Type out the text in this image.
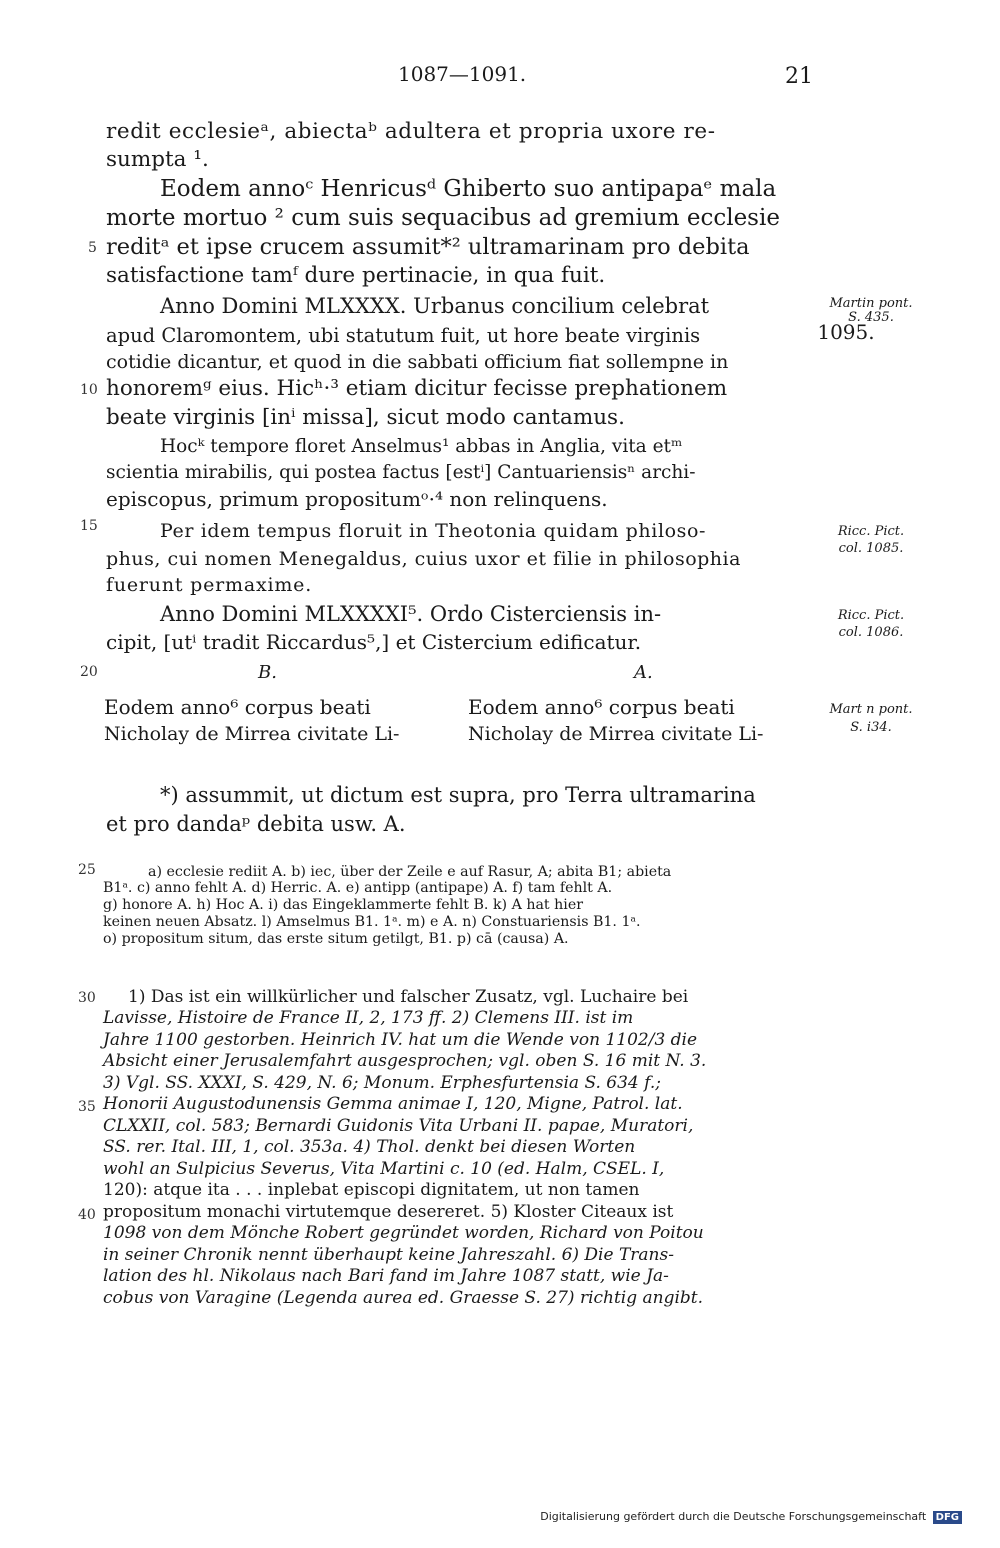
1087—1091.	21
redit ecclesieᵃ, abiectaᵇ adultera et propria uxore re-
sumpta ¹.
Eodem annoᶜ Henricusᵈ Ghiberto suo antipapaᵉ mala
morte mortuo ² cum suis sequacibus ad gremium ecclesie
reditᵃ et ipse crucem assumit*² ultramarinam pro debita
satisfactione tamᶠ dure pertinacie, in qua fuit.
Anno Domini MLXXXX. Urbanus concilium celebrat
apud Claromontem, ubi statutum fuit, ut hore beate virginis
cotidie dicantur, et quod in die sabbati officium fiat sollempne in
honoremᵍ eius. Hicʰ·³ etiam dicitur fecisse prephationem
beate virginis [inⁱ missa], sicut modo cantamus.
Hocᵏ tempore floret Anselmus¹ abbas in Anglia, vita etᵐ
scientia mirabilis, qui postea factus [estⁱ] Cantuariensisⁿ archi-
episcopus, primum propositumᵒ·⁴ non relinquens.
Per idem tempus floruit in Theotonia quidam philoso-
phus, cui nomen Menegaldus, cuius uxor et filie in philosophia
fuerunt permaxime.
Anno Domini MLXXXXI⁵. Ordo Cisterciensis in-
cipit, [utⁱ tradit Riccardus⁵,] et Cistercium edificatur.
B.	A.
Eodem anno⁶ corpus beati
Nicholay de Mirrea civitate Li-
Eodem anno⁶ corpus beati
Nicholay de Mirrea civitate Li-
*) assummit, ut dictum est supra, pro Terra ultramarina
et pro dandaᵖ debita usw. A.
a) ecclesie rediit A. b) iec, über der Zeile e auf Rasur, A; abita B1; abieta
B1ᵃ. c) anno fehlt A. d) Herric. A. e) antipp (antipape) A. f) tam fehlt A.
g) honore A. h) Hoc A. i) das Eingeklammerte fehlt B. k) A hat hier
keinen neuen Absatz. l) Amselmus B1. 1ᵃ. m) e A. n) Constuariensis B1. 1ᵃ.
o) propositum situm, das erste situm getilgt, B1. p) cā (causa) A.
1) Das ist ein willkürlicher und falscher Zusatz, vgl. Luchaire bei
Lavisse, Histoire de France II, 2, 173 ff. 2) Clemens III. ist im
Jahre 1100 gestorben. Heinrich IV. hat um die Wende von 1102/3 die
Absicht einer Jerusalemfahrt ausgesprochen; vgl. oben S. 16 mit N. 3.
3) Vgl. SS. XXXI, S. 429, N. 6; Monum. Erphesfurtensia S. 634 f.;
Honorii Augustodunensis Gemma animae I, 120, Migne, Patrol. lat.
CLXXII, col. 583; Bernardi Guidonis Vita Urbani II. papae, Muratori,
SS. rer. Ital. III, 1, col. 353a. 4) Thol. denkt bei diesen Worten
wohl an Sulpicius Severus, Vita Martini c. 10 (ed. Halm, CSEL. I,
120): atque ita . . . inplebat episcopi dignitatem, ut non tamen
propositum monachi virtutemque desereret. 5) Kloster Citeaux ist
1098 von dem Mönche Robert gegründet worden, Richard von Poitou
in seiner Chronik nennt überhaupt keine Jahreszahl. 6) Die Trans-
lation des hl. Nikolaus nach Bari fand im Jahre 1087 statt, wie Ja-
cobus von Varagine (Legenda aurea ed. Graesse S. 27) richtig angibt.
5
10
15
20
25
30
35
40
Martin pont.
S. 435.
1095.
Ricc. Pict.
col. 1085.
Ricc. Pict.
col. 1086.
Mart n pont.
S. i34.
Digitalisierung gefördert durch die Deutsche Forschungsgemeinschaft DFG
